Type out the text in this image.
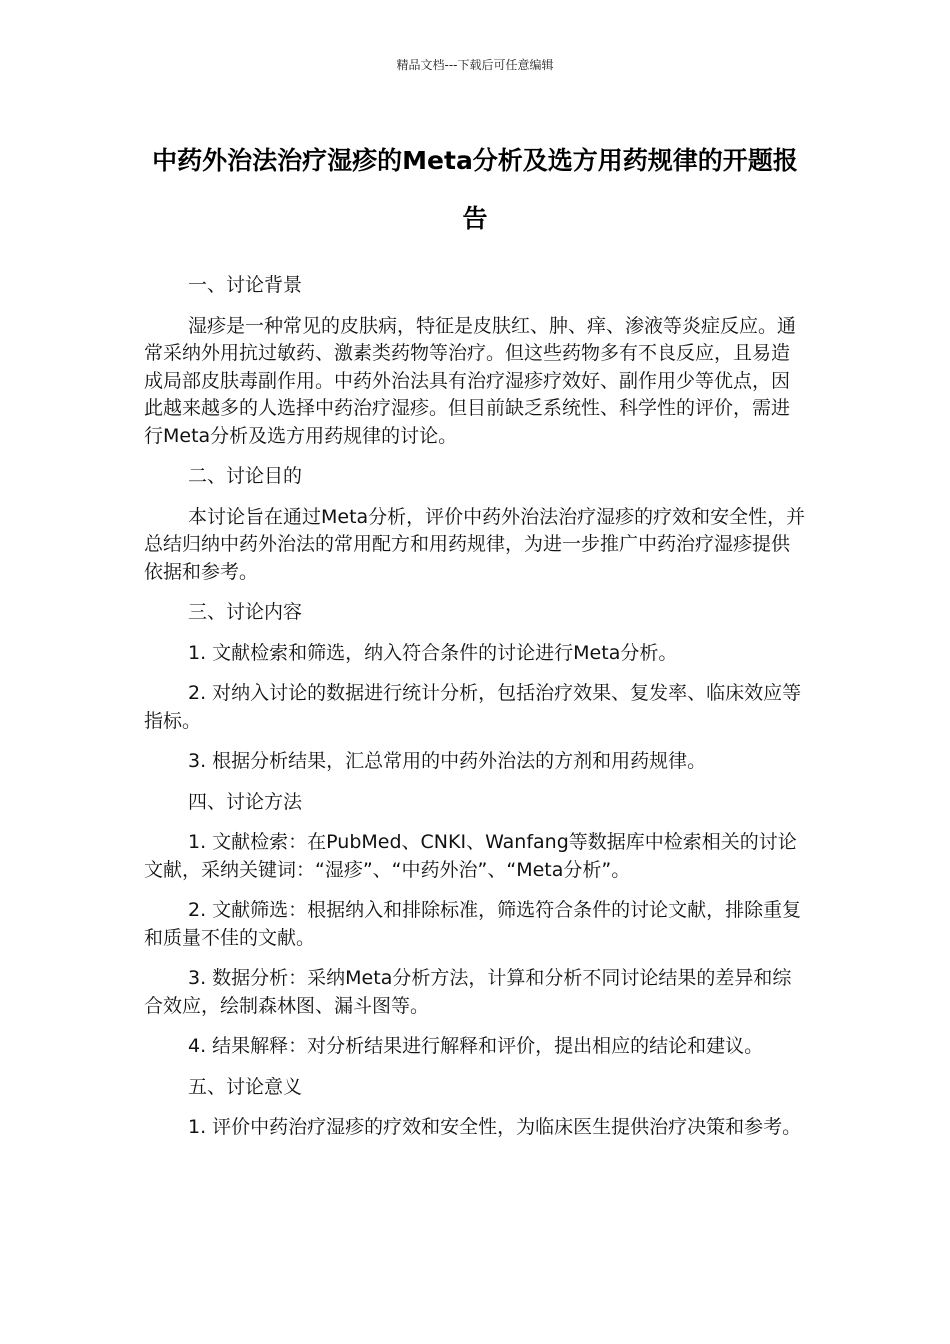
精品文档---下载后可任意编辑
中药外治法治疗湿疹的Meta分析及选方用药规律的开题报告

一、讨论背景

湿疹是一种常见的皮肤病，特征是皮肤红、肿、痒、渗液等炎症反应。通常采纳外用抗过敏药、激素类药物等治疗。但这些药物多有不良反应，且易造成局部皮肤毒副作用。中药外治法具有治疗湿疹疗效好、副作用少等优点，因此越来越多的人选择中药治疗湿疹。但目前缺乏系统性、科学性的评价，需进行Meta分析及选方用药规律的讨论。

二、讨论目的

本讨论旨在通过Meta分析，评价中药外治法治疗湿疹的疗效和安全性，并总结归纳中药外治法的常用配方和用药规律，为进一步推广中药治疗湿疹提供依据和参考。

三、讨论内容

1. 文献检索和筛选，纳入符合条件的讨论进行Meta分析。

2. 对纳入讨论的数据进行统计分析，包括治疗效果、复发率、临床效应等指标。

3. 根据分析结果，汇总常用的中药外治法的方剂和用药规律。

四、讨论方法

1. 文献检索：在PubMed、CNKI、Wanfang等数据库中检索相关的讨论文献，采纳关键词：“湿疹”、“中药外治”、“Meta分析”。

2. 文献筛选：根据纳入和排除标准，筛选符合条件的讨论文献，排除重复和质量不佳的文献。

3. 数据分析：采纳Meta分析方法，计算和分析不同讨论结果的差异和综合效应，绘制森林图、漏斗图等。

4. 结果解释：对分析结果进行解释和评价，提出相应的结论和建议。

五、讨论意义

1. 评价中药治疗湿疹的疗效和安全性，为临床医生提供治疗决策和参考。
